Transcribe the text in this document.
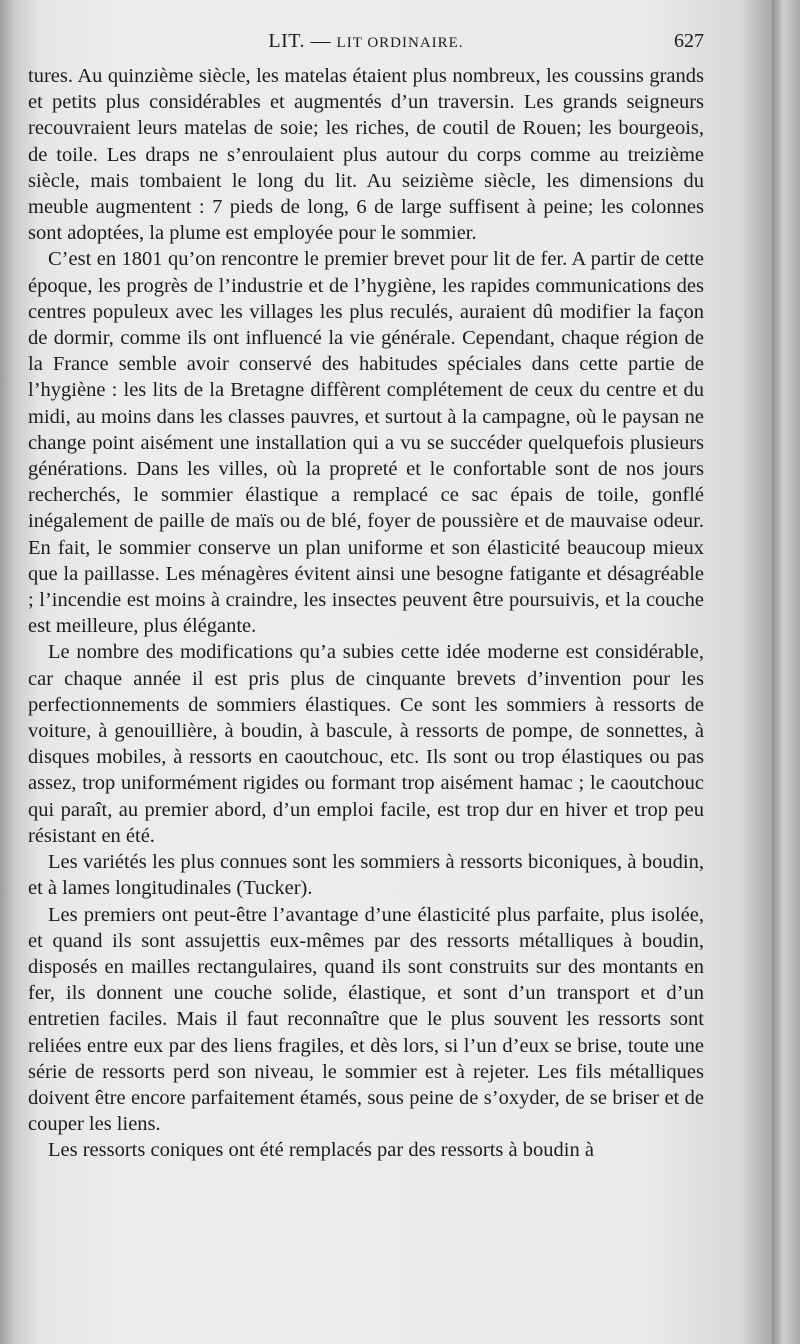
LIT. — LIT ORDINAIRE.	627

tures. Au quinzième siècle, les matelas étaient plus nombreux, les coussins grands et petits plus considérables et augmentés d’un traversin. Les grands seigneurs recouvraient leurs matelas de soie; les riches, de coutil de Rouen; les bourgeois, de toile. Les draps ne s’enroulaient plus autour du corps comme au treizième siècle, mais tombaient le long du lit. Au seizième siècle, les dimensions du meuble augmentent : 7 pieds de long, 6 de large suffisent à peine; les colonnes sont adoptées, la plume est employée pour le sommier.

C’est en 1801 qu’on rencontre le premier brevet pour lit de fer. A partir de cette époque, les progrès de l’industrie et de l’hygiène, les rapides communications des centres populeux avec les villages les plus reculés, auraient dû modifier la façon de dormir, comme ils ont influencé la vie générale. Cependant, chaque région de la France semble avoir conservé des habitudes spéciales dans cette partie de l’hygiène : les lits de la Bretagne diffèrent complétement de ceux du centre et du midi, au moins dans les classes pauvres, et surtout à la campagne, où le paysan ne change point aisément une installation qui a vu se succéder quelquefois plusieurs générations. Dans les villes, où la propreté et le confortable sont de nos jours recherchés, le sommier élastique a remplacé ce sac épais de toile, gonflé inégalement de paille de maïs ou de blé, foyer de poussière et de mauvaise odeur. En fait, le sommier conserve un plan uniforme et son élasticité beaucoup mieux que la paillasse. Les ménagères évitent ainsi une besogne fatigante et désagréable ; l’incendie est moins à craindre, les insectes peuvent être poursuivis, et la couche est meilleure, plus élégante.

Le nombre des modifications qu’a subies cette idée moderne est considérable, car chaque année il est pris plus de cinquante brevets d’invention pour les perfectionnements de sommiers élastiques. Ce sont les sommiers à ressorts de voiture, à genouillière, à boudin, à bascule, à ressorts de pompe, de sonnettes, à disques mobiles, à ressorts en caoutchouc, etc. Ils sont ou trop élastiques ou pas assez, trop uniformément rigides ou formant trop aisément hamac ; le caoutchouc qui paraît, au premier abord, d’un emploi facile, est trop dur en hiver et trop peu résistant en été.

Les variétés les plus connues sont les sommiers à ressorts biconiques, à boudin, et à lames longitudinales (Tucker).

Les premiers ont peut-être l’avantage d’une élasticité plus parfaite, plus isolée, et quand ils sont assujettis eux-mêmes par des ressorts métalliques à boudin, disposés en mailles rectangulaires, quand ils sont construits sur des montants en fer, ils donnent une couche solide, élastique, et sont d’un transport et d’un entretien faciles. Mais il faut reconnaître que le plus souvent les ressorts sont reliées entre eux par des liens fragiles, et dès lors, si l’un d’eux se brise, toute une série de ressorts perd son niveau, le sommier est à rejeter. Les fils métalliques doivent être encore parfaitement étamés, sous peine de s’oxyder, de se briser et de couper les liens.

Les ressorts coniques ont été remplacés par des ressorts à boudin à
